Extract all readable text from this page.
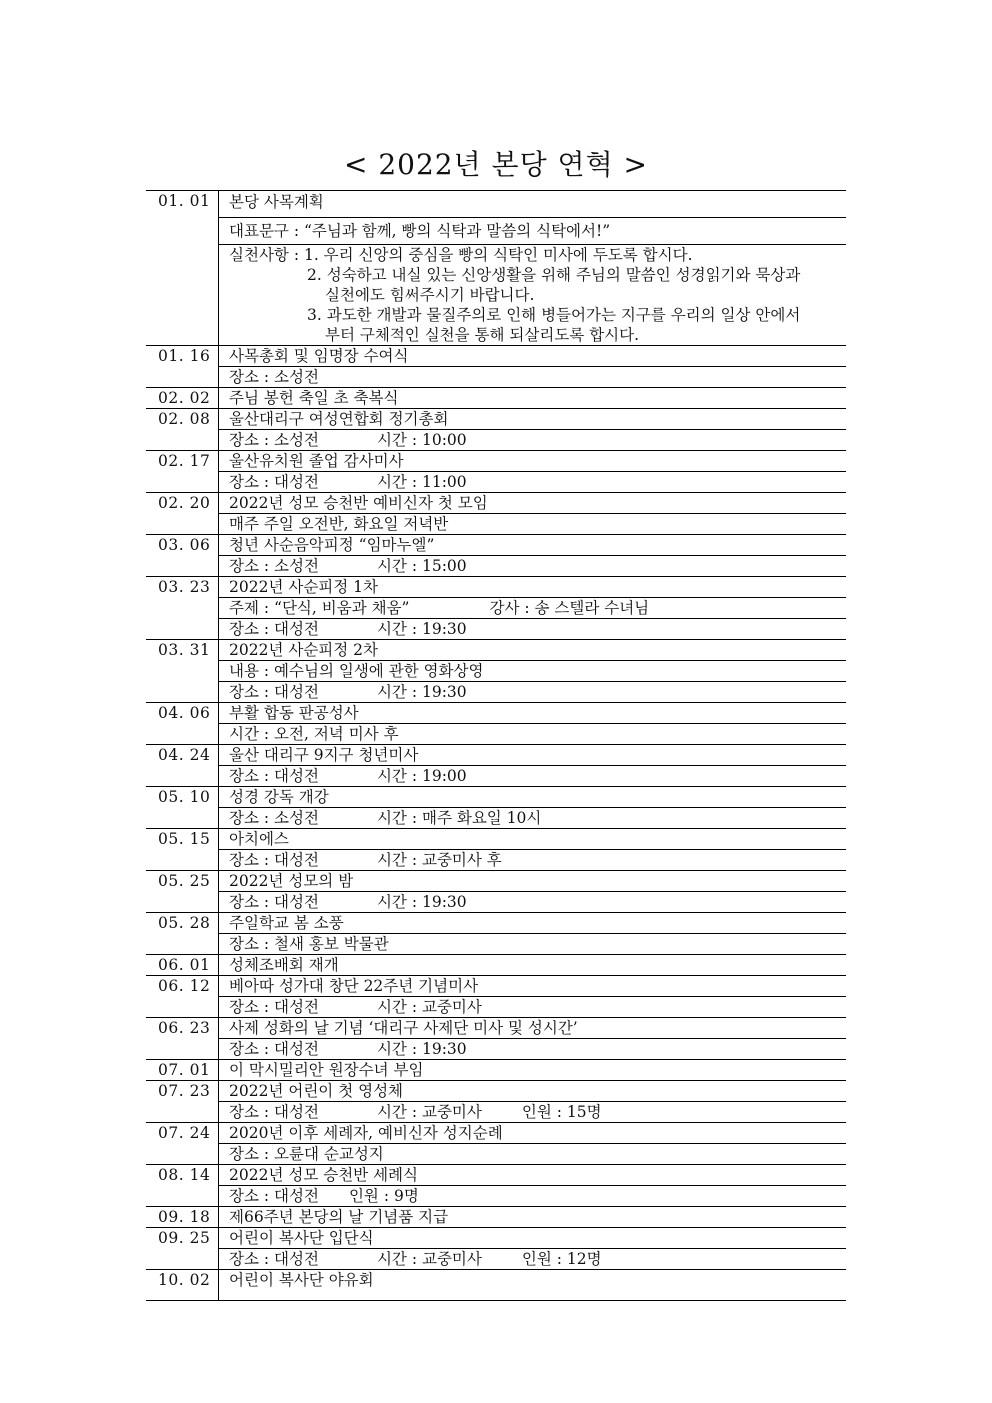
< 2022년 본당 연혁 >
01. 01	본당 사목계획
	대표문구 : “주님과 함께, 빵의 식탁과 말씀의 식탁에서!”

	실천사항 : 1. 우리 신앙의 중심을 빵의 식탁인 미사에 두도록 합시다.
2. 성숙하고 내실 있는 신앙생활을 위해 주님의 말씀인 성경읽기와 묵상과
실천에도 힘써주시기 바랍니다.
3. 과도한 개발과 물질주의로 인해 병들어가는 지구를 우리의 일상 안에서
부터 구체적인 실천을 통해 되살리도록 합시다.

01. 16	사목총회 및 임명장 수여식
	장소 : 소성전
02. 02	주님 봉헌 축일 초 축복식
02. 08	울산대리구 여성연합회 정기총회
	장소 : 소성전 시간 : 10:00
02. 17	울산유치원 졸업 감사미사
	장소 : 대성전 시간 : 11:00
02. 20	2022년 성모 승천반 예비신자 첫 모임
	매주 주일 오전반, 화요일 저녁반
03. 06	청년 사순음악피정 “임마누엘”
	장소 : 소성전 시간 : 15:00
03. 23	2022년 사순피정 1차
	주제 : “단식, 비움과 채움” 강사 : 송 스텔라 수녀님
	장소 : 대성전 시간 : 19:30
03. 31	2022년 사순피정 2차
	내용 : 예수님의 일생에 관한 영화상영
	장소 : 대성전 시간 : 19:30
04. 06	부활 합동 판공성사
	시간 : 오전, 저녁 미사 후
04. 24	울산 대리구 9지구 청년미사
	장소 : 대성전 시간 : 19:00
05. 10	성경 강독 개강
	장소 : 소성전 시간 : 매주 화요일 10시
05. 15	아치에스
	장소 : 대성전 시간 : 교중미사 후
05. 25	2022년 성모의 밤
	장소 : 대성전 시간 : 19:30
05. 28	주일학교 봄 소풍
	장소 : 철새 홍보 박물관
06. 01	성체조배회 재개
06. 12	베아따 성가대 창단 22주년 기념미사
	장소 : 대성전 시간 : 교중미사
06. 23	사제 성화의 날 기념 ‘대리구 사제단 미사 및 성시간’
	장소 : 대성전 시간 : 19:30
07. 01	이 막시밀리안 원장수녀 부임
07. 23	2022년 어린이 첫 영성체
	장소 : 대성전 시간 : 교중미사 인원 : 15명
07. 24	2020년 이후 세례자, 예비신자 성지순례
	장소 : 오륜대 순교성지
08. 14	2022년 성모 승천반 세례식
	장소 : 대성전 인원 : 9명
09. 18	제66주년 본당의 날 기념품 지급
09. 25	어린이 복사단 입단식
	장소 : 대성전 시간 : 교중미사 인원 : 12명
10. 02	어린이 복사단 야유회
